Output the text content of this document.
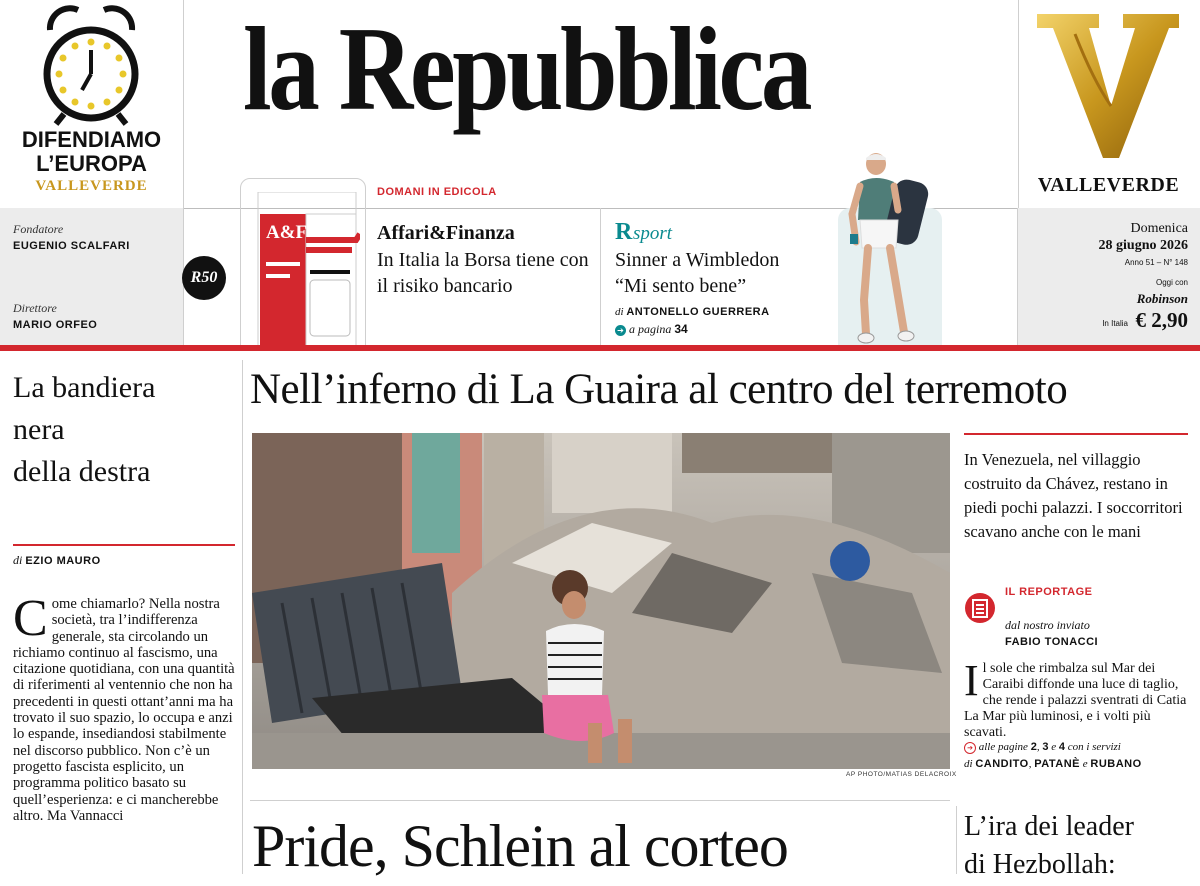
DIFENDIAMO
L’EUROPA
VALLEVERDE
la Repubblica
VALLEVERDE
Fondatore
EUGENIO SCALFARI
Direttore
MARIO ORFEO
R50
A&F
DOMANI IN EDICOLA
Affari&Finanza
In Italia la Borsa tiene con il risiko bancario
R sport
Sinner a Wimbledon
“Mi sento bene”
di ANTONELLO GUERRERA
➔ a pagina 34
Domenica
28 giugno 2026
Anno 51 – N° 148
Oggi con
Robinson
In Italia € 2,90
La bandiera
nera
della destra
di EZIO MAURO
Come chiamarlo? Nella nostra società, tra l’indifferenza generale, sta circolando un richiamo continuo al fascismo, una citazione quotidiana, con una quantità di riferimenti al ventennio che non ha precedenti in questi ottant’anni ma ha trovato il suo spazio, lo occupa e anzi lo espande, insediandosi stabilmente nel discorso pubblico. Non c’è un progetto fascista esplicito, un programma politico basato su quell’esperienza: e ci mancherebbe altro. Ma Vannacci
Nell’inferno di La Guaira al centro del terremoto
AP PHOTO/MATIAS DELACROIX
In Venezuela, nel villaggio costruito da Chávez, restano in piedi pochi palazzi. I soccorritori scavano anche con le mani
IL REPORTAGE
dal nostro inviato
FABIO TONACCI
Il sole che rimbalza sul Mar dei Caraibi diffonde una luce di taglio, che rende i palazzi sventrati di Catia La Mar più luminosi, e i volti più scavati.
➔ alle pagine 2, 3 e 4 con i servizi
di CANDITO, PATANÈ e RUBANO
Pride, Schlein al corteo	L’ira dei leader
di Hezbollah:
